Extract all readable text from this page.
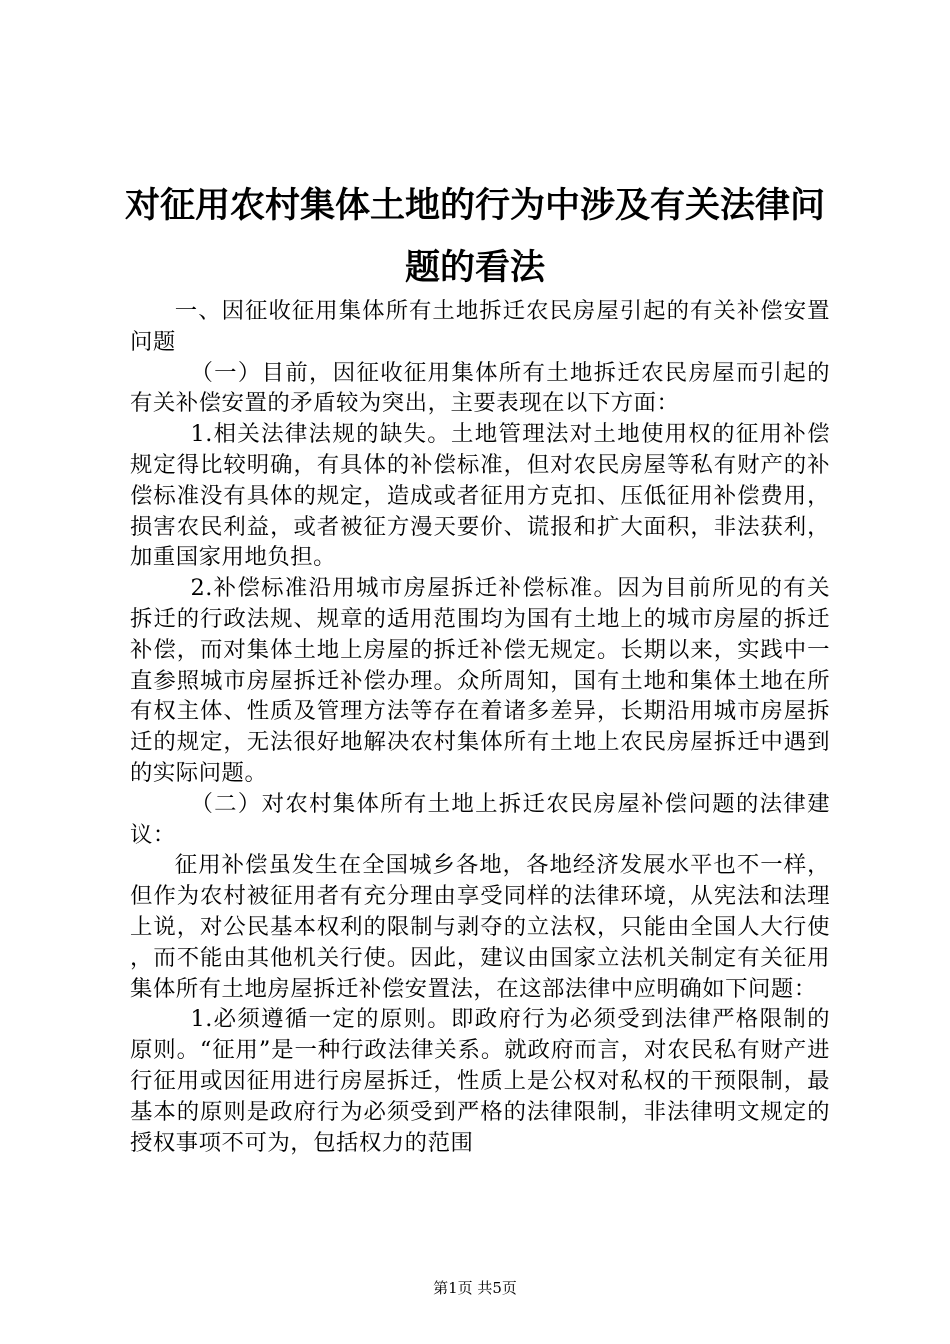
对征用农村集体土地的行为中涉及有关法律问
题的看法

一、因征收征用集体所有土地拆迁农民房屋引起的有关补偿安置问题

（一）目前，因征收征用集体所有土地拆迁农民房屋而引起的有关补偿安置的矛盾较为突出，主要表现在以下方面：

1.相关法律法规的缺失。土地管理法对土地使用权的征用补偿规定得比较明确，有具体的补偿标准，但对农民房屋等私有财产的补偿标准没有具体的规定，造成或者征用方克扣、压低征用补偿费用，损害农民利益，或者被征方漫天要价、谎报和扩大面积，非法获利，加重国家用地负担。

2.补偿标准沿用城市房屋拆迁补偿标准。因为目前所见的有关拆迁的行政法规、规章的适用范围均为国有土地上的城市房屋的拆迁补偿，而对集体土地上房屋的拆迁补偿无规定。长期以来，实践中一直参照城市房屋拆迁补偿办理。众所周知，国有土地和集体土地在所有权主体、性质及管理方法等存在着诸多差异，长期沿用城市房屋拆迁的规定，无法很好地解决农村集体所有土地上农民房屋拆迁中遇到的实际问题。

（二）对农村集体所有土地上拆迁农民房屋补偿问题的法律建议：

征用补偿虽发生在全国城乡各地，各地经济发展水平也不一样，但作为农村被征用者有充分理由享受同样的法律环境，从宪法和法理上说，对公民基本权利的限制与剥夺的立法权，只能由全国人大行使，而不能由其他机关行使。因此，建议由国家立法机关制定有关征用集体所有土地房屋拆迁补偿安置法，在这部法律中应明确如下问题：

1.必须遵循一定的原则。即政府行为必须受到法律严格限制的原则。“征用”是一种行政法律关系。就政府而言，对农民私有财产进行征用或因征用进行房屋拆迁，性质上是公权对私权的干预限制，最基本的原则是政府行为必须受到严格的法律限制，非法律明文规定的授权事项不可为，包括权力的范围

第1页 共5页
